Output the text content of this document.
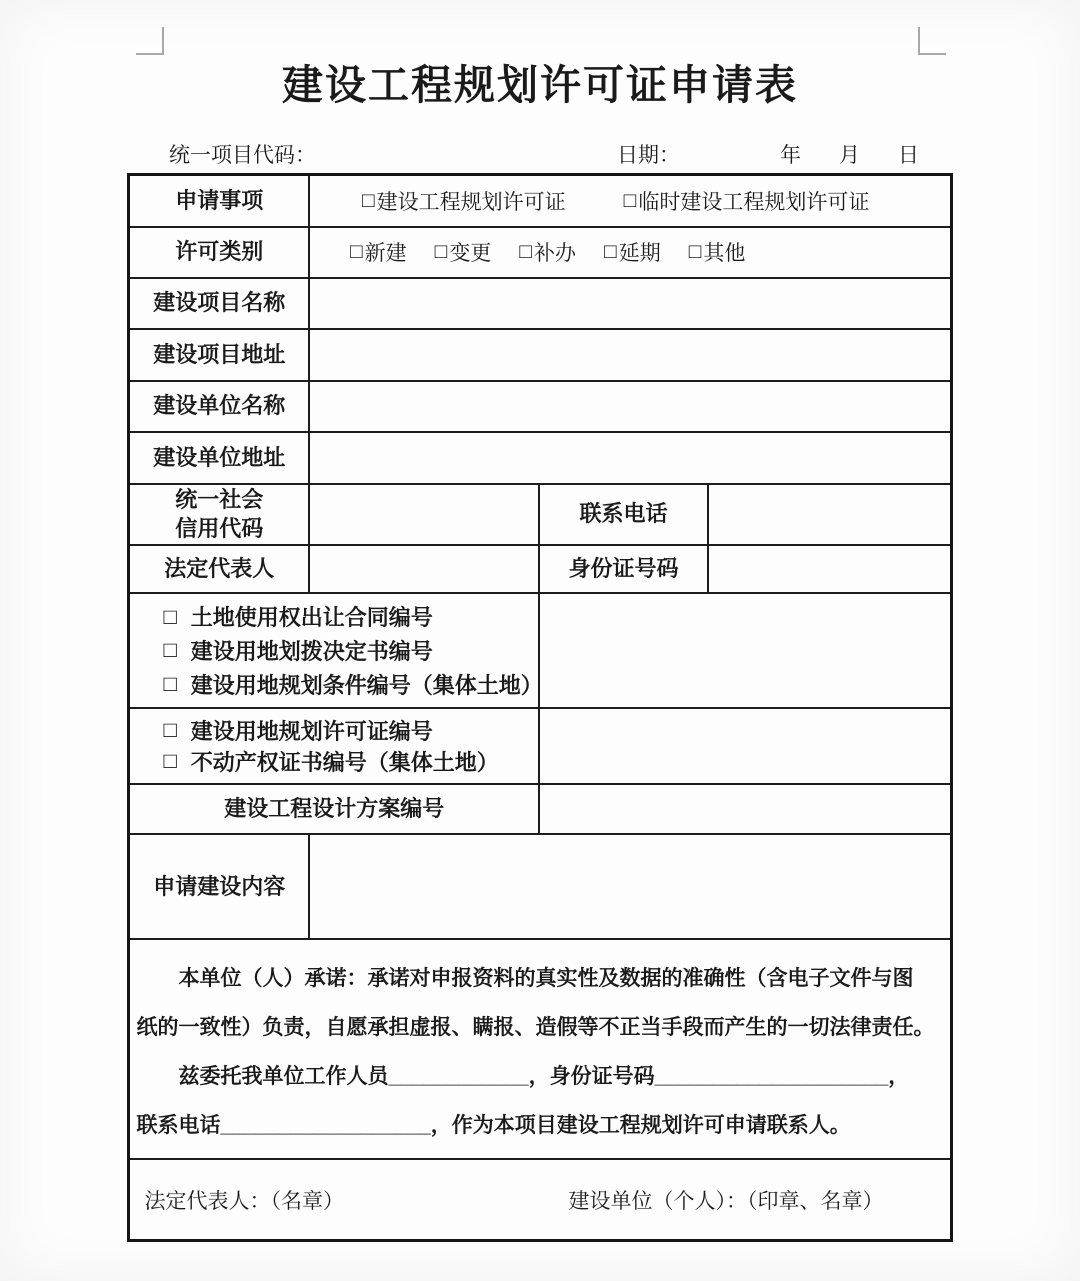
建设工程规划许可证申请表
统一项目代码：	日期：	年 月 日
申请事项	□ 建设工程规划许可证 □ 临时建设工程规划许可证		

许可类别	□ 新建 □ 变更 □ 补办 □ 延期 □ 其他

建设项目名称			
建设项目地址			
建设单位名称			
建设单位地址			

统一社会
信用代码		联系电话	
法定代表人		身份证号码	

□ 土地使用权出让合同编号
□ 建设用地划拨决定书编号
□ 建设用地规划条件编号（集体土地）

□ 建设用地规划许可证编号
□ 不动产权证书编号（集体土地）			

建设工程设计方案编号			
申请建设内容			

本单位（人）承诺：承诺对申报资料的真实性及数据的准确性（含电子文件与图
纸的一致性）负责，自愿承担虚报、瞒报、造假等不正当手段而产生的一切法律责任。

兹委托我单位工作人员____________，身份证号码____________________，
联系电话__________________，作为本项目建设工程规划许可申请联系人。			

法定代表人：（名章） 建设单位（个人）：（印章、名章）			
